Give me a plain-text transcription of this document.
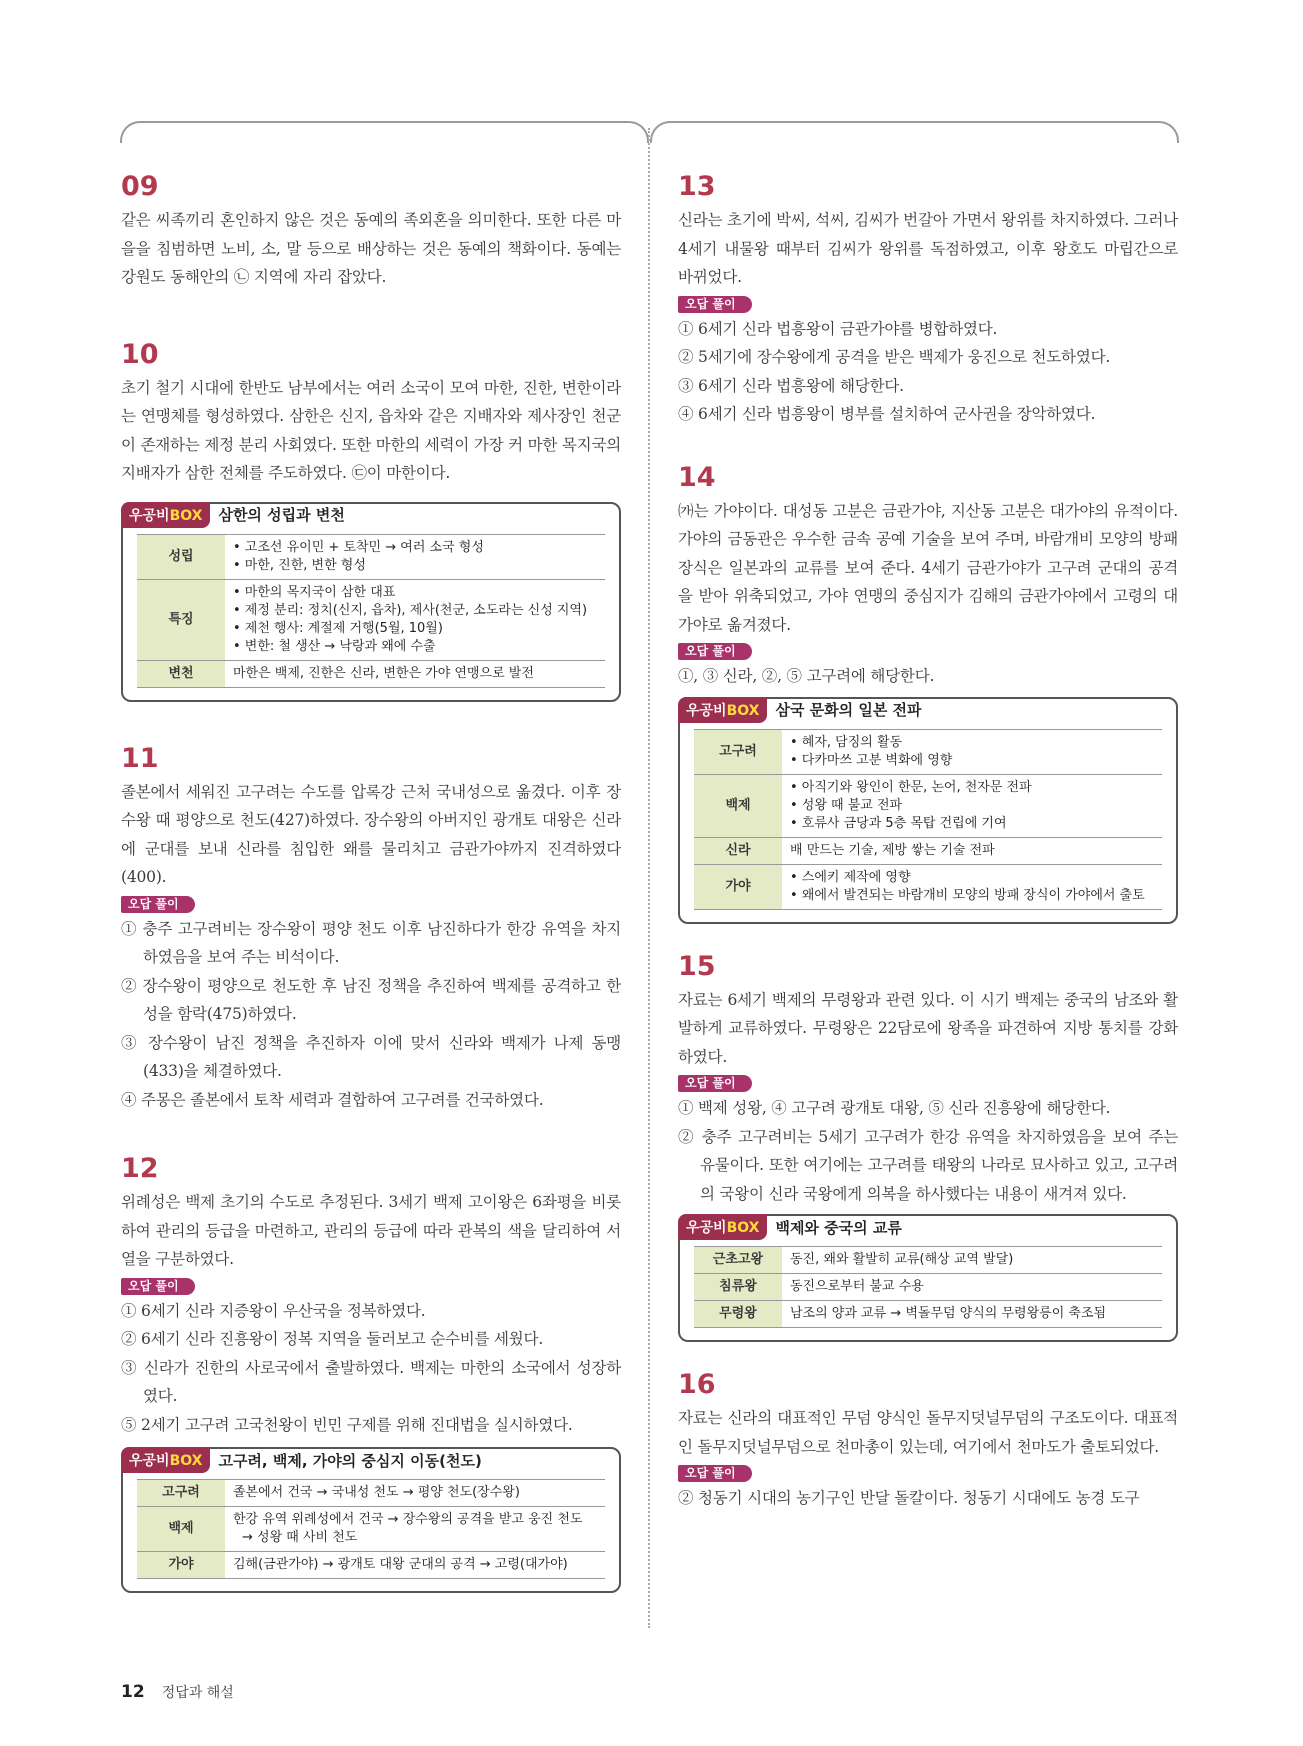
09

같은 씨족끼리 혼인하지 않은 것은 동예의 족외혼을 의미한다. 또한 다른 마을을 침범하면 노비, 소, 말 등으로 배상하는 것은 동예의 책화이다. 동예는 강원도 동해안의 ㉡ 지역에 자리 잡았다.

10

초기 철기 시대에 한반도 남부에서는 여러 소국이 모여 마한, 진한, 변한이라는 연맹체를 형성하였다. 삼한은 신지, 읍차와 같은 지배자와 제사장인 천군이 존재하는 제정 분리 사회였다. 또한 마한의 세력이 가장 커 마한 목지국의 지배자가 삼한 전체를 주도하였다. ㉢이 마한이다.

우공비BOX	삼한의 성립과 변천
성립	• 고조선 유이민 + 토착민 → 여러 소국 형성
• 마한, 진한, 변한 형성

특징	• 마한의 목지국이 삼한 대표
• 제정 분리: 정치(신지, 읍차), 제사(천군, 소도라는 신성 지역)
• 제천 행사: 계절제 거행(5월, 10월)
• 변한: 철 생산 → 낙랑과 왜에 수출

변천	마한은 백제, 진한은 신라, 변한은 가야 연맹으로 발전
11

졸본에서 세워진 고구려는 수도를 압록강 근처 국내성으로 옮겼다. 이후 장수왕 때 평양으로 천도(427)하였다. 장수왕의 아버지인 광개토 대왕은 신라에 군대를 보내 신라를 침입한 왜를 물리치고 금관가야까지 진격하였다(400).

오답 풀이
① 충주 고구려비는 장수왕이 평양 천도 이후 남진하다가 한강 유역을 차지하였음을 보여 주는 비석이다.
② 장수왕이 평양으로 천도한 후 남진 정책을 추진하여 백제를 공격하고 한성을 함락(475)하였다.
③ 장수왕이 남진 정책을 추진하자 이에 맞서 신라와 백제가 나제 동맹(433)을 체결하였다.
④ 주몽은 졸본에서 토착 세력과 결합하여 고구려를 건국하였다.
12

위례성은 백제 초기의 수도로 추정된다. 3세기 백제 고이왕은 6좌평을 비롯하여 관리의 등급을 마련하고, 관리의 등급에 따라 관복의 색을 달리하여 서열을 구분하였다.

오답 풀이
① 6세기 신라 지증왕이 우산국을 정복하였다.
② 6세기 신라 진흥왕이 정복 지역을 둘러보고 순수비를 세웠다.
③ 신라가 진한의 사로국에서 출발하였다. 백제는 마한의 소국에서 성장하였다.
⑤ 2세기 고구려 고국천왕이 빈민 구제를 위해 진대법을 실시하였다.
우공비BOX	고구려, 백제, 가야의 중심지 이동(천도)
고구려	졸본에서 건국 → 국내성 천도 → 평양 천도(장수왕)

백제	한강 유역 위례성에서 건국 → 장수왕의 공격을 받고 웅진 천도 → 성왕 때 사비 천도

가야	김해(금관가야) → 광개토 대왕 군대의 공격 → 고령(대가야)
13

신라는 초기에 박씨, 석씨, 김씨가 번갈아 가면서 왕위를 차지하였다. 그러나 4세기 내물왕 때부터 김씨가 왕위를 독점하였고, 이후 왕호도 마립간으로 바뀌었다.

오답 풀이
① 6세기 신라 법흥왕이 금관가야를 병합하였다.
② 5세기에 장수왕에게 공격을 받은 백제가 웅진으로 천도하였다.
③ 6세기 신라 법흥왕에 해당한다.
④ 6세기 신라 법흥왕이 병부를 설치하여 군사권을 장악하였다.
14

㈎는 가야이다. 대성동 고분은 금관가야, 지산동 고분은 대가야의 유적이다. 가야의 금동관은 우수한 금속 공예 기술을 보여 주며, 바람개비 모양의 방패 장식은 일본과의 교류를 보여 준다. 4세기 금관가야가 고구려 군대의 공격을 받아 위축되었고, 가야 연맹의 중심지가 김해의 금관가야에서 고령의 대가야로 옮겨졌다.

오답 풀이
①, ③ 신라, ②, ⑤ 고구려에 해당한다.
우공비BOX	삼국 문화의 일본 전파
고구려	• 혜자, 담징의 활동
• 다카마쓰 고분 벽화에 영향

백제	• 아직기와 왕인이 한문, 논어, 천자문 전파
• 성왕 때 불교 전파
• 호류사 금당과 5층 목탑 건립에 기여

신라	배 만드는 기술, 제방 쌓는 기술 전파

가야	• 스에키 제작에 영향
• 왜에서 발견되는 바람개비 모양의 방패 장식이 가야에서 출토
15

자료는 6세기 백제의 무령왕과 관련 있다. 이 시기 백제는 중국의 남조와 활발하게 교류하였다. 무령왕은 22담로에 왕족을 파견하여 지방 통치를 강화하였다.

오답 풀이
① 백제 성왕, ④ 고구려 광개토 대왕, ⑤ 신라 진흥왕에 해당한다.
② 충주 고구려비는 5세기 고구려가 한강 유역을 차지하였음을 보여 주는 유물이다. 또한 여기에는 고구려를 태왕의 나라로 묘사하고 있고, 고구려의 국왕이 신라 국왕에게 의복을 하사했다는 내용이 새겨져 있다.
우공비BOX	백제와 중국의 교류
근초고왕	동진, 왜와 활발히 교류(해상 교역 발달)

침류왕	동진으로부터 불교 수용

무령왕	남조의 양과 교류 → 벽돌무덤 양식의 무령왕릉이 축조됨
16

자료는 신라의 대표적인 무덤 양식인 돌무지덧널무덤의 구조도이다. 대표적인 돌무지덧널무덤으로 천마총이 있는데, 여기에서 천마도가 출토되었다.

오답 풀이
② 청동기 시대의 농기구인 반달 돌칼이다. 청동기 시대에도 농경 도구
12 정답과 해설
